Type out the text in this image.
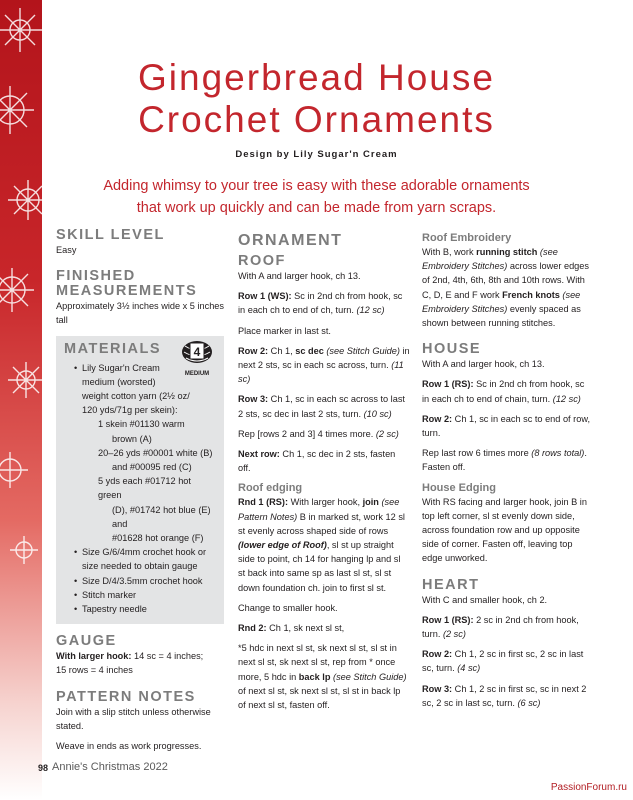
Gingerbread House
Crochet Ornaments
Design by Lily Sugar'n Cream
Adding whimsy to your tree is easy with these adorable ornaments
that work up quickly and can be made from yarn scraps.
SKILL LEVEL

Easy

FINISHED
MEASUREMENTS

Approximately 3½ inches wide x 5 inches tall

MATERIALS	4
MEDIUM
• Lily Sugar'n Cream
medium (worsted)
weight cotton yarn (2½ oz/
120 yds/71g per skein):
1 skein #01130 warm
brown (A)
20–26 yds #00001 white (B)
and #00095 red (C)
5 yds each #01712 hot green
(D), #01742 hot blue (E) and
#01628 hot orange (F)
• Size G/6/4mm crochet hook or
size needed to obtain gauge
• Size D/4/3.5mm crochet hook
• Stitch marker
• Tapestry needle
GAUGE

With larger hook: 14 sc = 4 inches;

15 rows = 4 inches

PATTERN NOTES

Join with a slip stitch unless otherwise stated.

Weave in ends as work progresses.

ORNAMENT
ROOF

With A and larger hook, ch 13.

Row 1 (WS): Sc in 2nd ch from hook, sc in each ch to end of ch, turn. (12 sc)

Place marker in last st.

Row 2: Ch 1, sc dec (see Stitch Guide) in next 2 sts, sc in each sc across, turn. (11 sc)

Row 3: Ch 1, sc in each sc across to last 2 sts, sc dec in last 2 sts, turn. (10 sc)

Rep [rows 2 and 3] 4 times more. (2 sc)

Next row: Ch 1, sc dec in 2 sts, fasten off.

Roof edging

Rnd 1 (RS): With larger hook, join (see Pattern Notes) B in marked st, work 12 sl st evenly across shaped side of rows (lower edge of Roof), sl st up straight side to point, ch 14 for hanging lp and sl st back into same sp as last sl st, sl st down foundation ch. join to first sl st.

Change to smaller hook.

Rnd 2: Ch 1, sk next sl st,

*5 hdc in next sl st, sk next sl st, sl st in next sl st, sk next sl st, rep from * once more, 5 hdc in back lp (see Stitch Guide) of next sl st, sk next sl st, sl st in back lp of next sl st, fasten off.

Roof Embroidery

With B, work running stitch (see Embroidery Stitches) across lower edges of 2nd, 4th, 6th, 8th and 10th rows. With C, D, E and F work French knots (see Embroidery Stitches) evenly spaced as shown between running stitches.

HOUSE

With A and larger hook, ch 13.

Row 1 (RS): Sc in 2nd ch from hook, sc in each ch to end of chain, turn. (12 sc)

Row 2: Ch 1, sc in each sc to end of row, turn.

Rep last row 6 times more (8 rows total). Fasten off.

House Edging

With RS facing and larger hook, join B in top left corner, sl st evenly down side, across foundation row and up opposite side of corner. Fasten off, leaving top edge unworked.

HEART

With C and smaller hook, ch 2.

Row 1 (RS): 2 sc in 2nd ch from hook, turn. (2 sc)

Row 2: Ch 1, 2 sc in first sc, 2 sc in last sc, turn. (4 sc)

Row 3: Ch 1, 2 sc in first sc, sc in next 2 sc, 2 sc in last sc, turn. (6 sc)

98 Annie's Christmas 2022
PassionForum.ru
